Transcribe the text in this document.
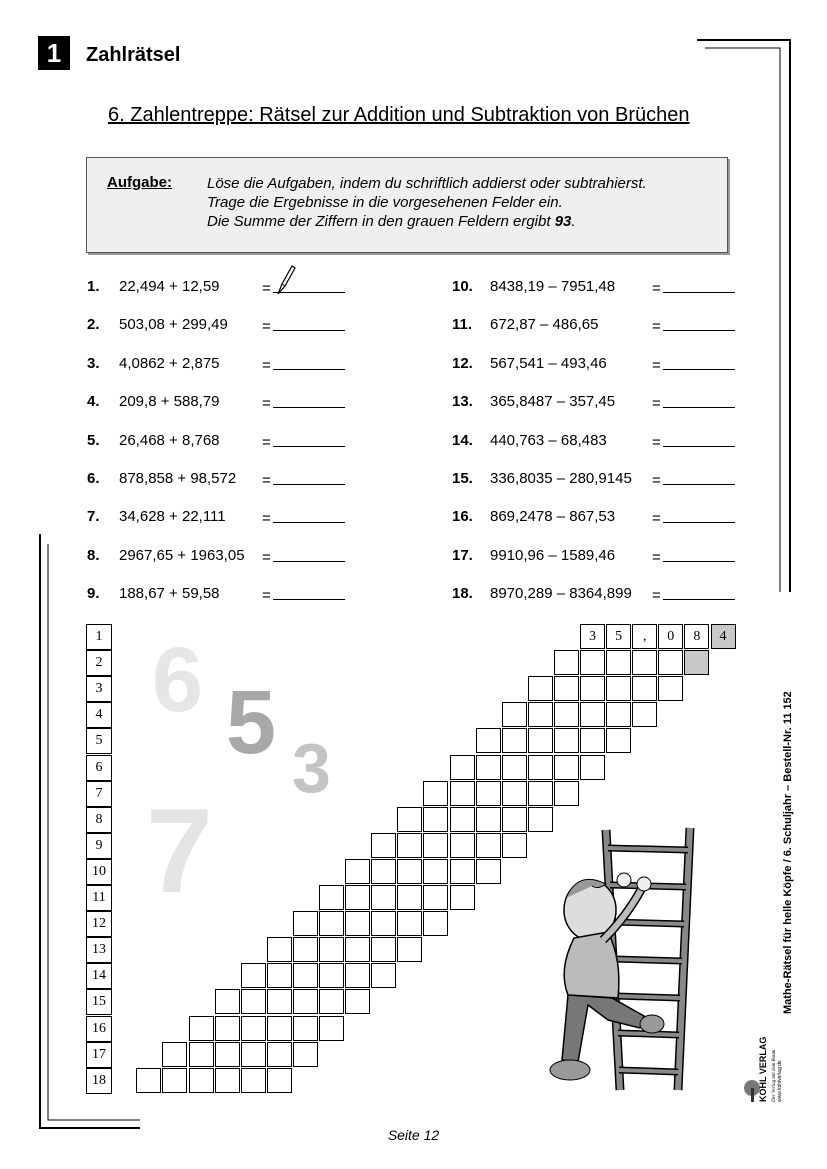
1	Zahlrätsel
6. Zahlentreppe: Rätsel zur Addition und Subtraktion von Brüchen
Aufgabe: Löse die Aufgaben, indem du schriftlich addierst oder subtrahierst.
Trage die Ergebnisse in die vorgesehenen Felder ein.
Die Summe der Ziffern in den grauen Feldern ergibt 93.
1. 22,494 + 12,59	=
2. 503,08 + 299,49 =
3. 4,0862 + 2,875	=
4. 209,8 + 588,79	=
5. 26,468 + 8,768	=
6. 878,858 + 98,572 =
7. 34,628 + 22,111 =
8. 2967,65 + 1963,05 =
9. 188,67 + 59,58	=
10. 8438,19 – 7951,48 =
11. 672,87 – 486,65	=
12. 567,541 – 493,46	=
13. 365,8487 – 357,45 =
14. 440,763 – 68,483	=
15. 336,8035 – 280,9145 =
16. 869,2478 – 867,53 =
17. 9910,96 – 1589,46 =
18. 8970,289 – 8364,899 =
6 5 3
7
1	3	5	,	0	8	4
2
3
4
5
6
7
8
9
10
11
12
13
14
15
16
17
18	KOHL VERLAG Der Verlag mit dem Baum www.kohlverlag.de
Mathe-Rätsel für helle Köpfe / 6. Schuljahr – Bestell-Nr. 11 152
Seite 12
